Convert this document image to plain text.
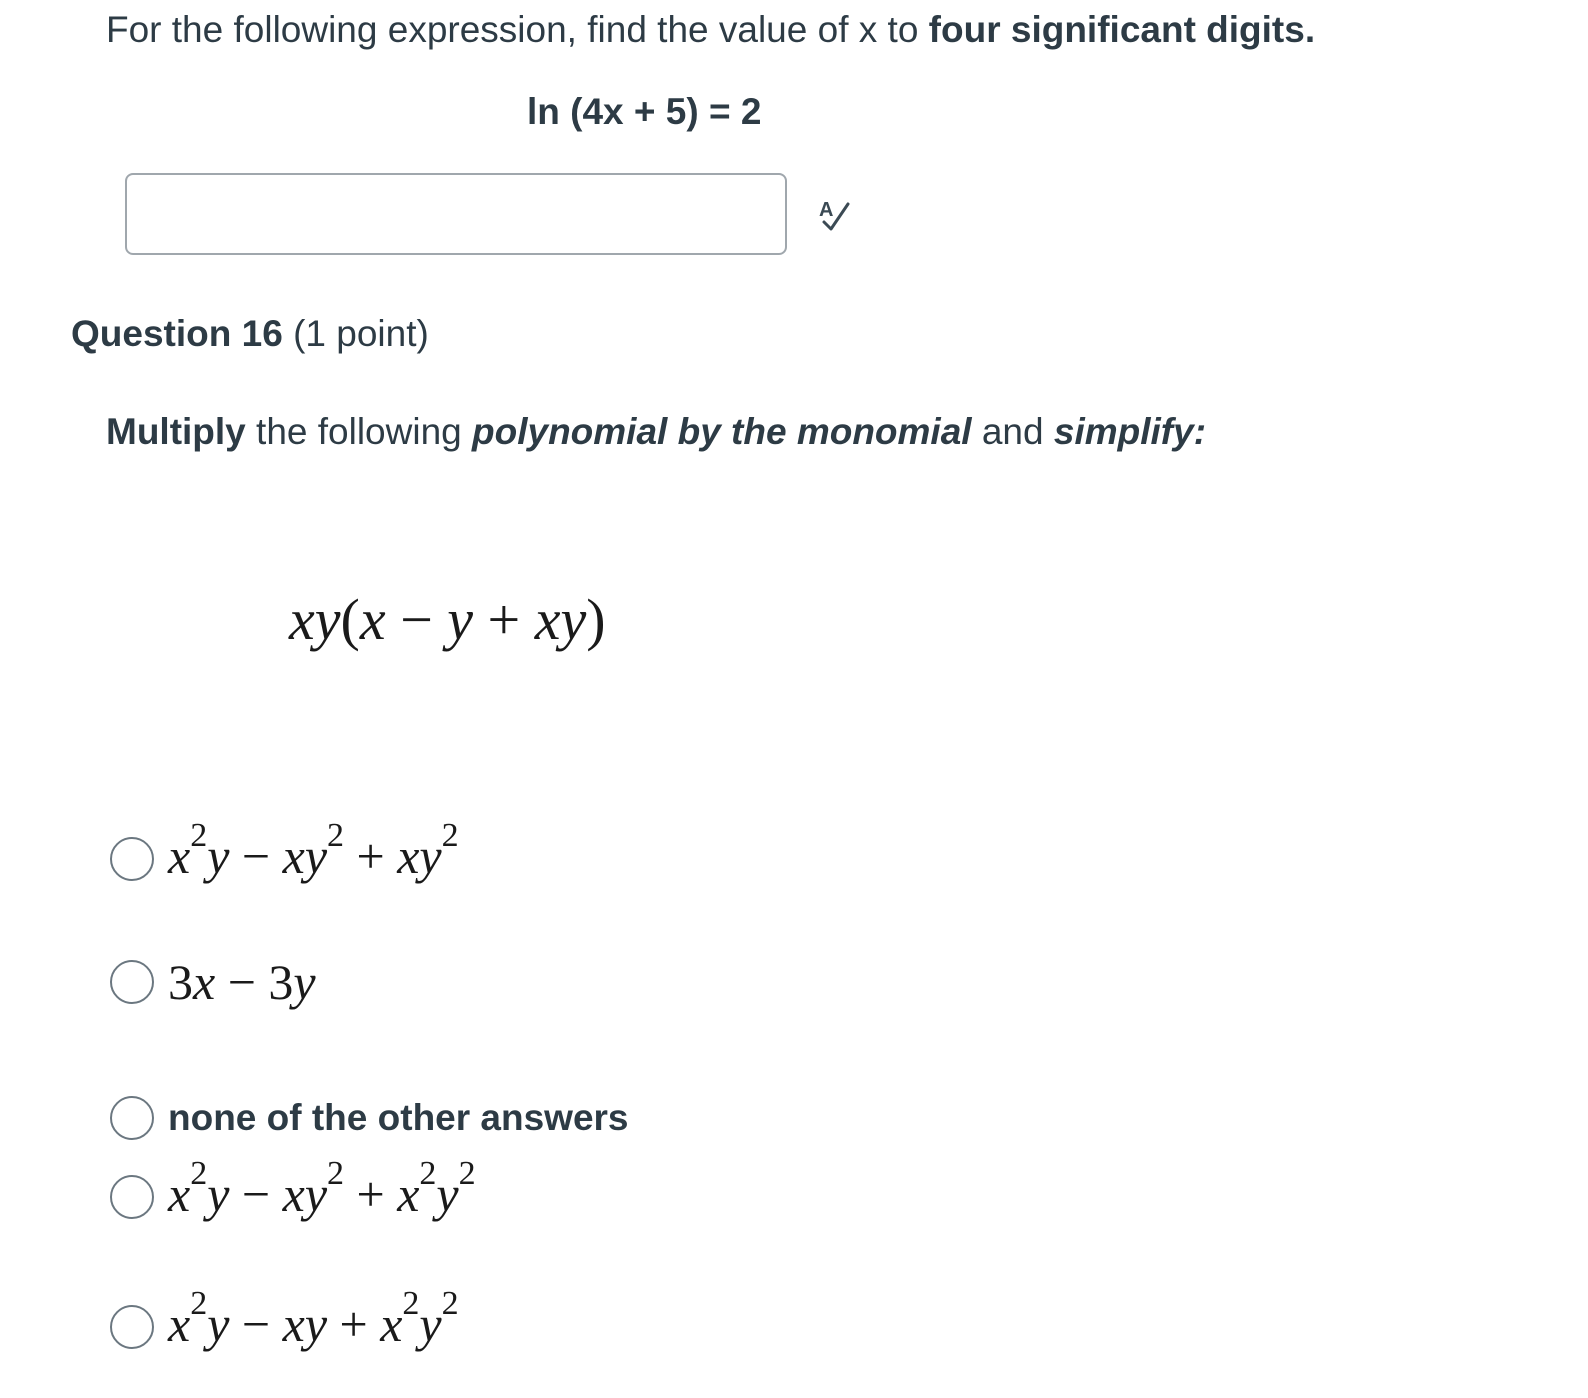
For the following expression, find the value of x to four significant digits.
ln (4x + 5) = 2
A
Question 16 (1 point)
Multiply the following polynomial by the monomial and simplify:
xy(x − y + xy)
$x^2y - xy^2 + xy^2$
3x − 3y
none of the other answers
$x^2y - xy^2 + x^2y^2$
$x^2y$ − xy + $x^2y^2$
